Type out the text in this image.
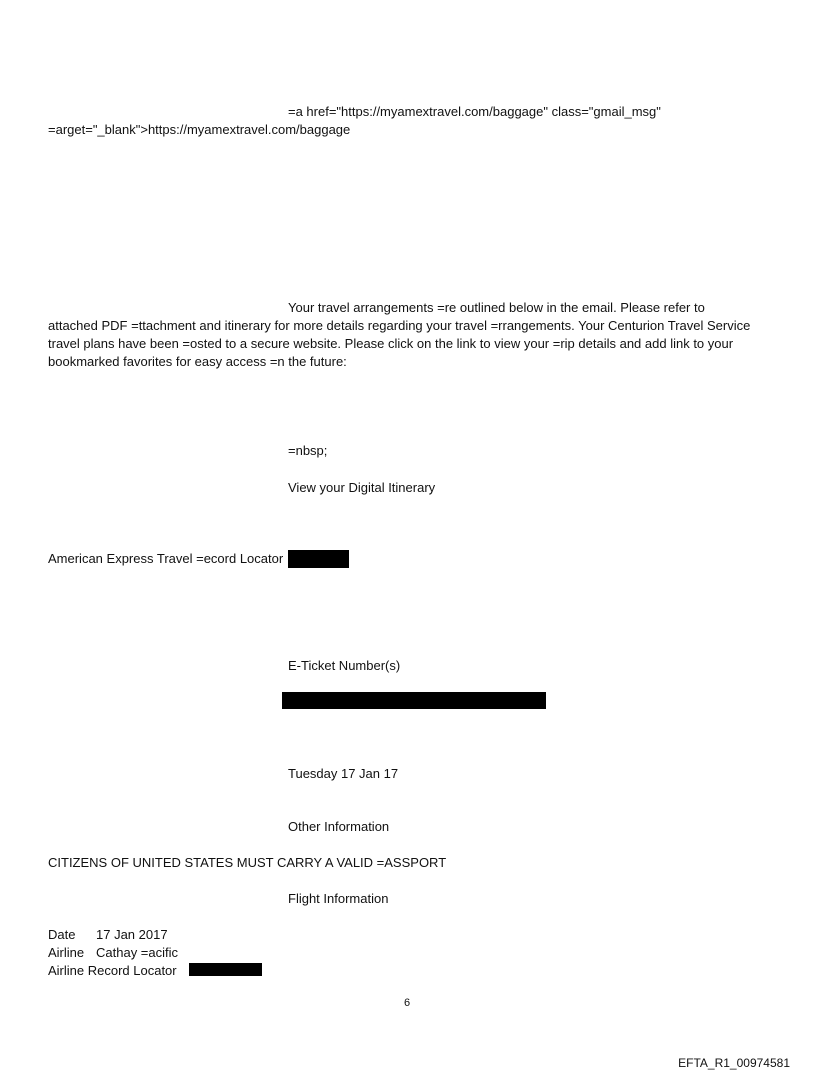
=a href="https://myamextravel.com/baggage" class="gmail_msg"
=arget="_blank">https://myamextravel.com/baggage
Your travel arrangements =re outlined below in the email. Please refer to
attached PDF =ttachment and itinerary for more details regarding your travel =rrangements. Your Centurion Travel Service travel plans have been =osted to a secure website. Please click on the link to view your =rip details and add link to your bookmarked favorites for easy access =n the future:
=nbsp;
View your Digital Itinerary
American Express Travel =ecord Locator
E-Ticket Number(s)
Tuesday 17 Jan 17
Other Information
CITIZENS OF UNITED STATES MUST CARRY A VALID =ASSPORT
Flight Information
Date 17 Jan 2017
Airline Cathay =acific
Airline Record Locator
6
EFTA_R1_00974581
